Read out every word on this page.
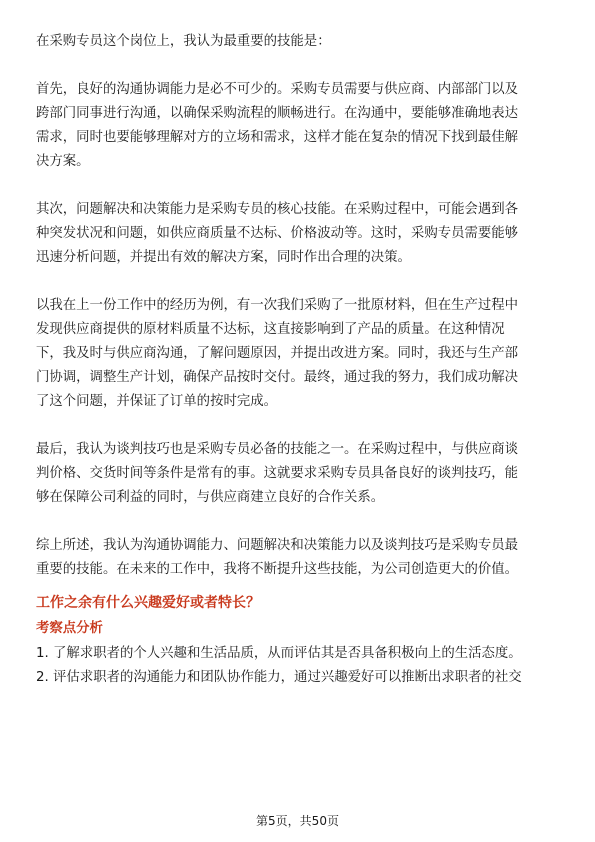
在采购专员这个岗位上，我认为最重要的技能是：

首先，良好的沟通协调能力是必不可少的。采购专员需要与供应商、内部部门以及

跨部门同事进行沟通，以确保采购流程的顺畅进行。在沟通中，要能够准确地表达

需求，同时也要能够理解对方的立场和需求，这样才能在复杂的情况下找到最佳解

决方案。

其次，问题解决和决策能力是采购专员的核心技能。在采购过程中，可能会遇到各

种突发状况和问题，如供应商质量不达标、价格波动等。这时，采购专员需要能够

迅速分析问题，并提出有效的解决方案，同时作出合理的决策。

以我在上一份工作中的经历为例，有一次我们采购了一批原材料，但在生产过程中

发现供应商提供的原材料质量不达标，这直接影响到了产品的质量。在这种情况

下，我及时与供应商沟通，了解问题原因，并提出改进方案。同时，我还与生产部

门协调，调整生产计划，确保产品按时交付。最终，通过我的努力，我们成功解决

了这个问题，并保证了订单的按时完成。

最后，我认为谈判技巧也是采购专员必备的技能之一。在采购过程中，与供应商谈

判价格、交货时间等条件是常有的事。这就要求采购专员具备良好的谈判技巧，能

够在保障公司利益的同时，与供应商建立良好的合作关系。

综上所述，我认为沟通协调能力、问题解决和决策能力以及谈判技巧是采购专员最

重要的技能。在未来的工作中，我将不断提升这些技能，为公司创造更大的价值。

工作之余有什么兴趣爱好或者特长？

考察点分析

1. 了解求职者的个人兴趣和生活品质，从而评估其是否具备积极向上的生活态度。

2. 评估求职者的沟通能力和团队协作能力，通过兴趣爱好可以推断出求职者的社交

第5页，共50页
